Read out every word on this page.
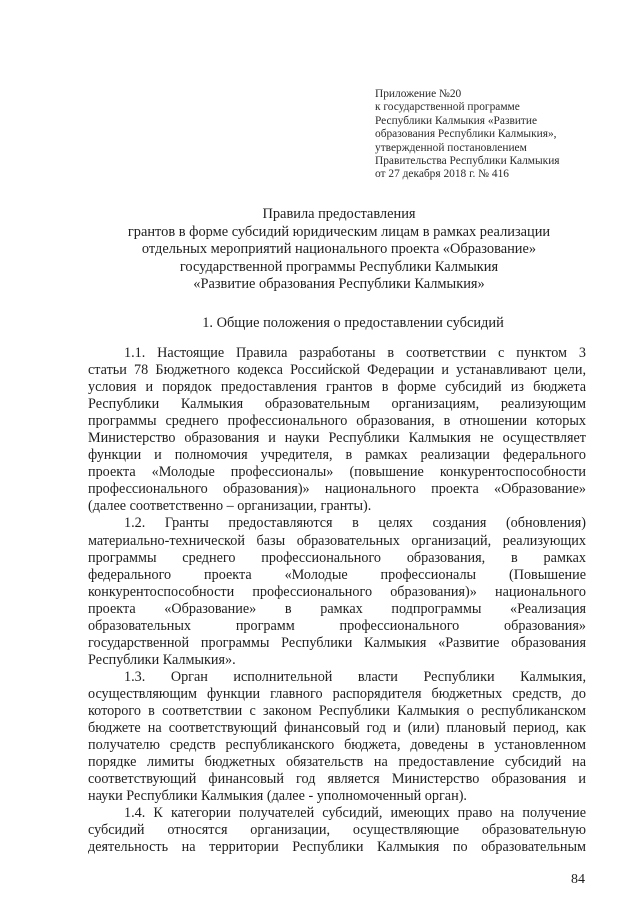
Приложение №20
к государственной программе
Республики Калмыкия «Развитие
образования Республики Калмыкия»,
утвержденной постановлением
Правительства Республики Калмыкия
от 27 декабря 2018 г. № 416
Правила предоставления
грантов в форме субсидий юридическим лицам в рамках реализации
отдельных мероприятий национального проекта «Образование»
государственной программы Республики Калмыкия
«Развитие образования Республики Калмыкия»
1. Общие положения о предоставлении субсидий
1.1. Настоящие Правила разработаны в соответствии с пунктом 3
статьи 78 Бюджетного кодекса Российской Федерации и устанавливают цели,
условия и порядок предоставления грантов в форме субсидий из бюджета
Республики Калмыкия образовательным организациям, реализующим
программы среднего профессионального образования, в отношении которых
Министерство образования и науки Республики Калмыкия не осуществляет
функции и полномочия учредителя, в рамках реализации федерального
проекта «Молодые профессионалы» (повышение конкурентоспособности
профессионального образования)» национального проекта «Образование»
(далее соответственно – организации, гранты).
1.2. Гранты предоставляются в целях создания (обновления)
материально-технической базы образовательных организаций, реализующих
программы среднего профессионального образования, в рамках
федерального проекта «Молодые профессионалы (Повышение
конкурентоспособности профессионального образования)» национального
проекта «Образование» в рамках подпрограммы «Реализация
образовательных программ профессионального образования»
государственной программы Республики Калмыкия «Развитие образования
Республики Калмыкия».
1.3. Орган исполнительной власти Республики Калмыкия,
осуществляющим функции главного распорядителя бюджетных средств, до
которого в соответствии с законом Республики Калмыкия о республиканском
бюджете на соответствующий финансовый год и (или) плановый период, как
получателю средств республиканского бюджета, доведены в установленном
порядке лимиты бюджетных обязательств на предоставление субсидий на
соответствующий финансовый год является Министерство образования и
науки Республики Калмыкия (далее - уполномоченный орган).
1.4. К категории получателей субсидий, имеющих право на получение
субсидий относятся организации, осуществляющие образовательную
деятельность на территории Республики Калмыкия по образовательным
84
